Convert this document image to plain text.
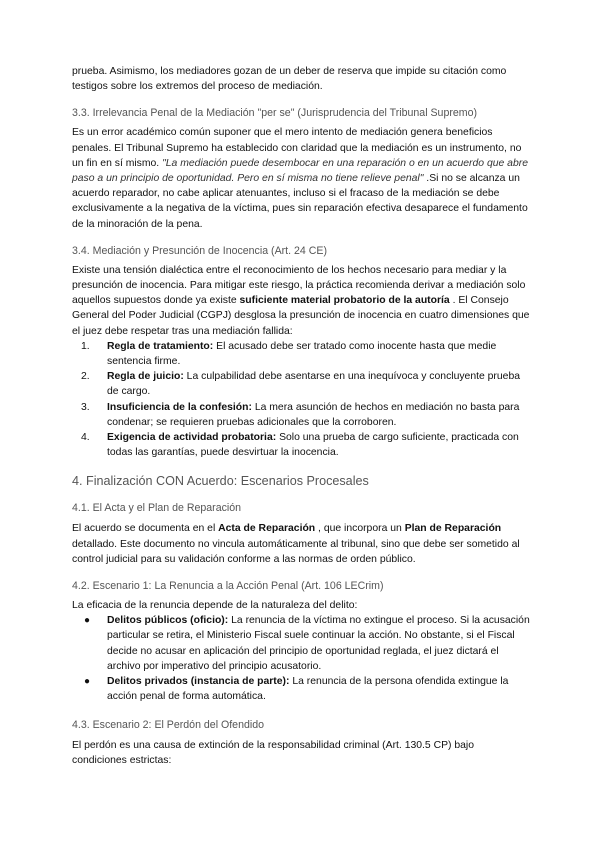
prueba. Asimismo, los mediadores gozan de un deber de reserva que impide su citación como testigos sobre los extremos del proceso de mediación.

3.3. Irrelevancia Penal de la Mediación "per se" (Jurisprudencia del Tribunal Supremo)

Es un error académico común suponer que el mero intento de mediación genera beneficios penales. El Tribunal Supremo ha establecido con claridad que la mediación es un instrumento, no un fin en sí mismo. "La mediación puede desembocar en una reparación o en un acuerdo que abre paso a un principio de oportunidad. Pero en sí misma no tiene relieve penal" .Si no se alcanza un acuerdo reparador, no cabe aplicar atenuantes, incluso si el fracaso de la mediación se debe exclusivamente a la negativa de la víctima, pues sin reparación efectiva desaparece el fundamento de la minoración de la pena.

3.4. Mediación y Presunción de Inocencia (Art. 24 CE)

Existe una tensión dialéctica entre el reconocimiento de los hechos necesario para mediar y la presunción de inocencia. Para mitigar este riesgo, la práctica recomienda derivar a mediación solo aquellos supuestos donde ya existe suficiente material probatorio de la autoría . El Consejo General del Poder Judicial (CGPJ) desglosa la presunción de inocencia en cuatro dimensiones que el juez debe respetar tras una mediación fallida:

1. Regla de tratamiento: El acusado debe ser tratado como inocente hasta que medie sentencia firme.
2. Regla de juicio: La culpabilidad debe asentarse en una inequívoca y concluyente prueba de cargo.
3. Insuficiencia de la confesión: La mera asunción de hechos en mediación no basta para condenar; se requieren pruebas adicionales que la corroboren.
4. Exigencia de actividad probatoria: Solo una prueba de cargo suficiente, practicada con todas las garantías, puede desvirtuar la inocencia.
4. Finalización CON Acuerdo: Escenarios Procesales
4.1. El Acta y el Plan de Reparación

El acuerdo se documenta en el Acta de Reparación , que incorpora un Plan de Reparación detallado. Este documento no vincula automáticamente al tribunal, sino que debe ser sometido al control judicial para su validación conforme a las normas de orden público.

4.2. Escenario 1: La Renuncia a la Acción Penal (Art. 106 LECrim)

La eficacia de la renuncia depende de la naturaleza del delito:

● Delitos públicos (oficio): La renuncia de la víctima no extingue el proceso. Si la acusación particular se retira, el Ministerio Fiscal suele continuar la acción. No obstante, si el Fiscal decide no acusar en aplicación del principio de oportunidad reglada, el juez dictará el archivo por imperativo del principio acusatorio.
● Delitos privados (instancia de parte): La renuncia de la persona ofendida extingue la acción penal de forma automática.
4.3. Escenario 2: El Perdón del Ofendido

El perdón es una causa de extinción de la responsabilidad criminal (Art. 130.5 CP) bajo condiciones estrictas:
